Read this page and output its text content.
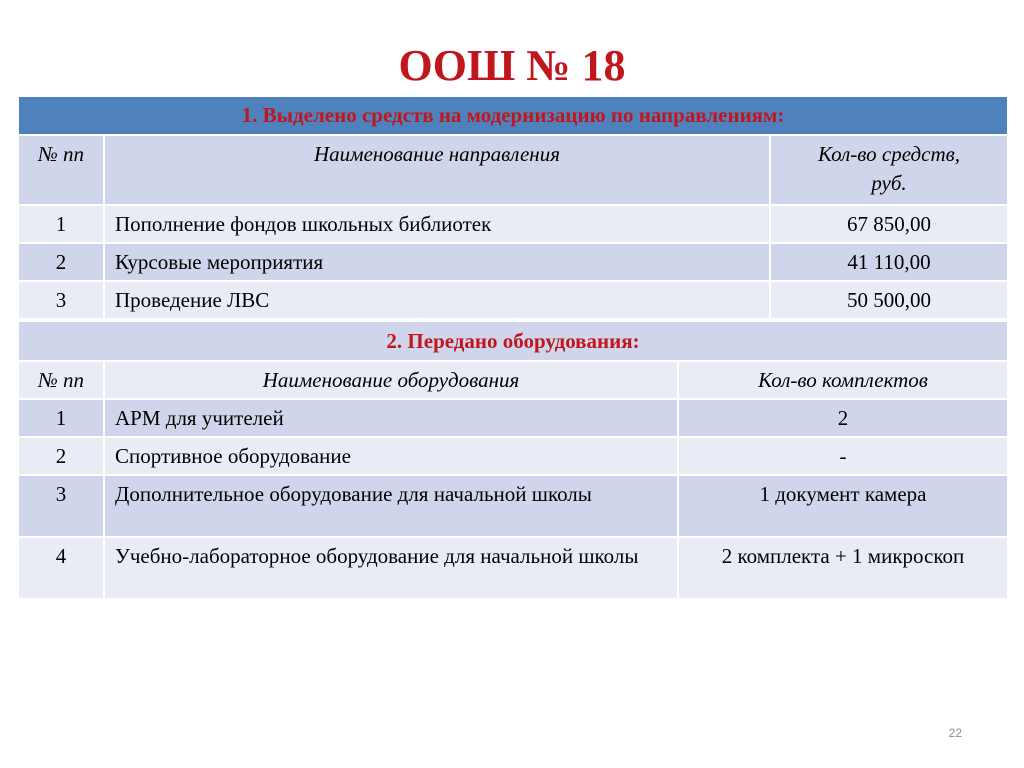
ООШ № 18
1. Выделено средств на модернизацию по направлениям:		
№ пп	Наименование направления	Кол-во средств,
руб.
1	Пополнение фондов школьных библиотек	67 850,00
2	Курсовые мероприятия	41 110,00
3	Проведение ЛВС	50 500,00
2. Передано оборудования:		
№ пп	Наименование оборудования	Кол-во комплектов
1	АРМ для учителей	2
2	Спортивное оборудование	-
3	Дополнительное оборудование для начальной школы	1 документ камера
4	Учебно-лабораторное оборудование для начальной школы	2 комплекта + 1 микроскоп
22
